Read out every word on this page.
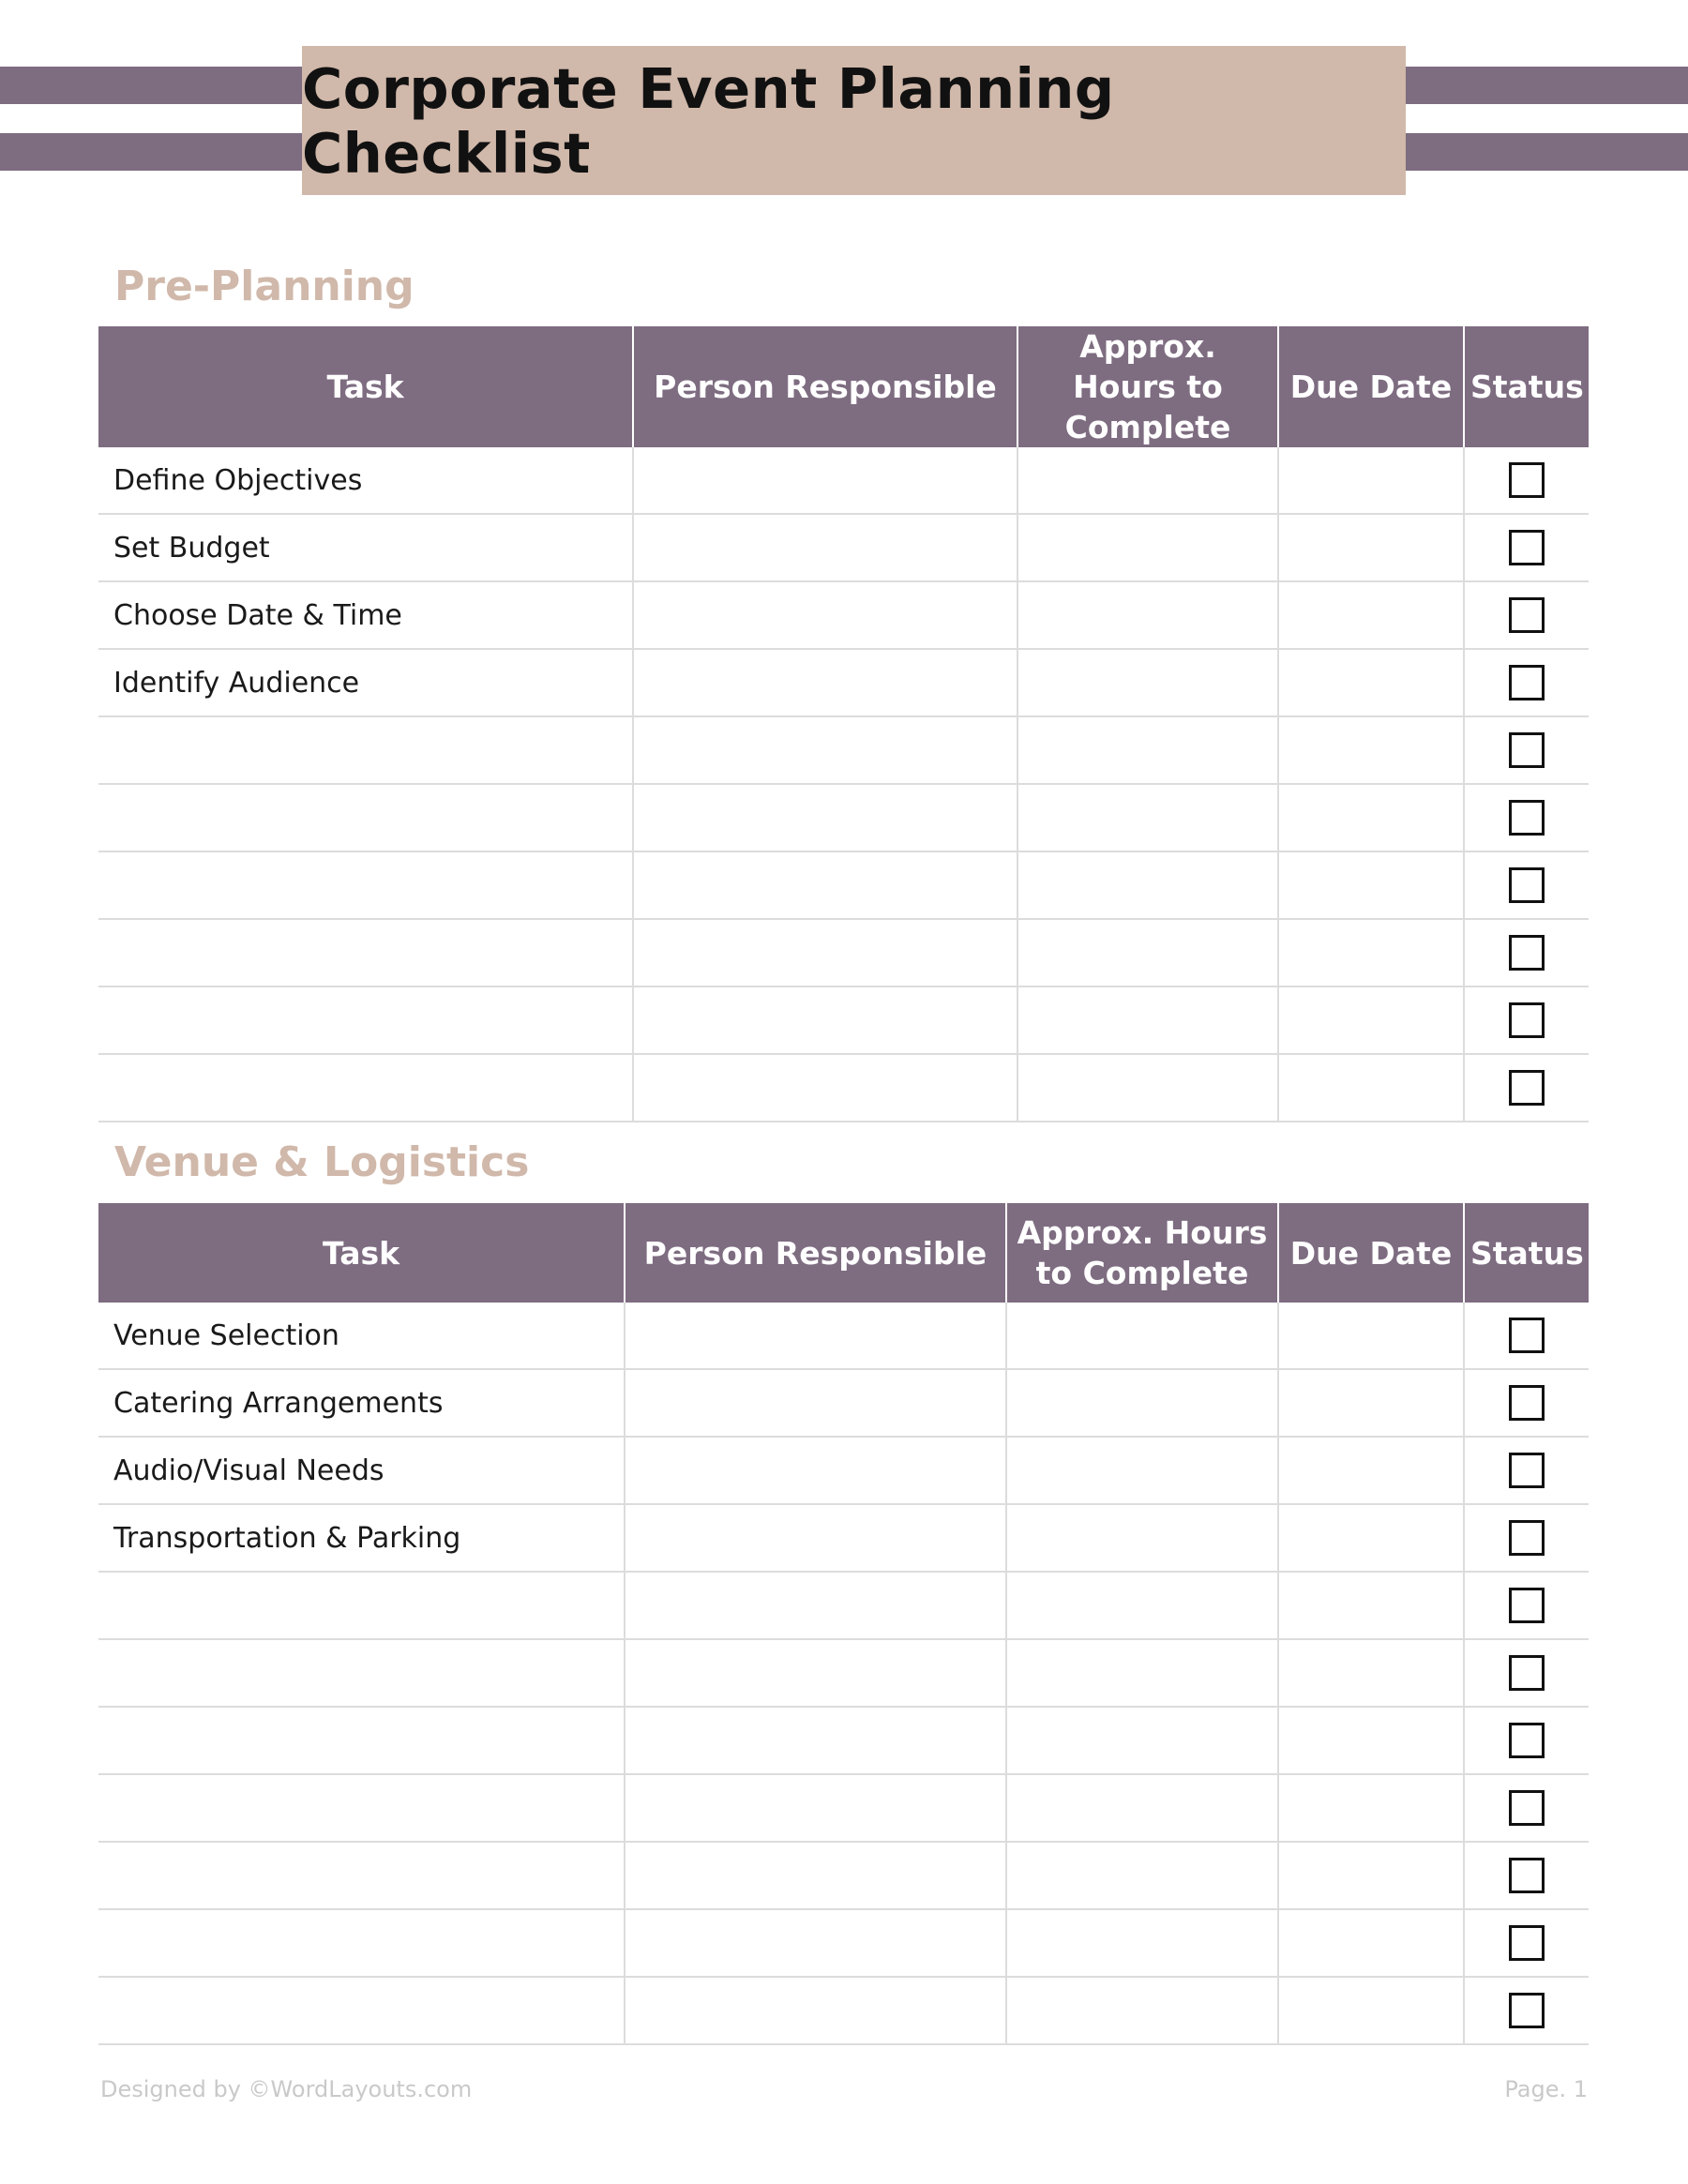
Corporate Event Planning Checklist
Pre-Planning
Task	Person Responsible	Approx. Hours to Complete	Due Date	Status
Define Objectives				
Set Budget				
Choose Date & Time				
Identify Audience				

Venue & Logistics
Task	Person Responsible	Approx. Hours to Complete	Due Date	Status
Venue Selection				
Catering Arrangements				
Audio/Visual Needs				
Transportation & Parking				

Designed by ©WordLayouts.com	Page. 1
